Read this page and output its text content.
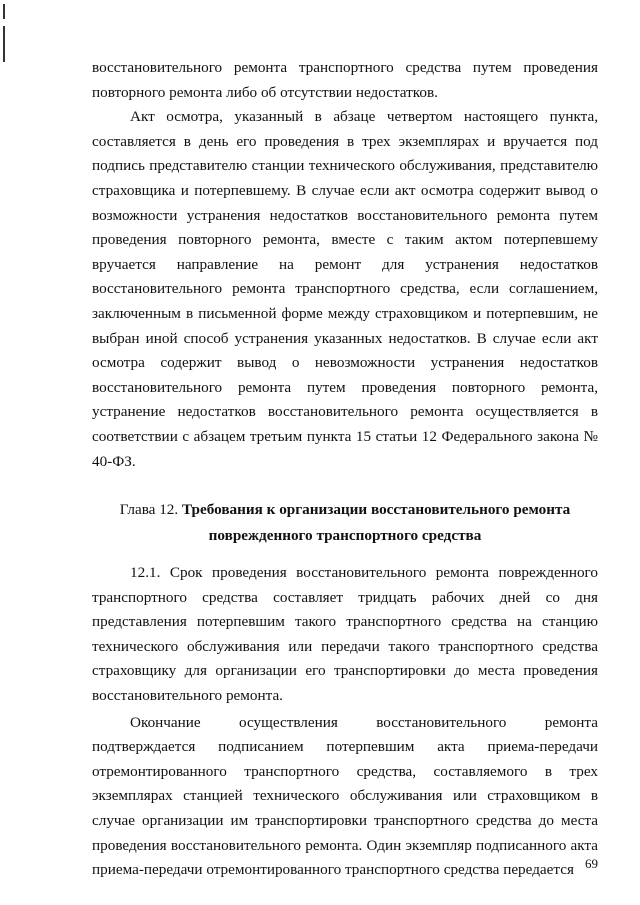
восстановительного ремонта транспортного средства путем проведения повторного ремонта либо об отсутствии недостатков.

Акт осмотра, указанный в абзаце четвертом настоящего пункта, составляется в день его проведения в трех экземплярах и вручается под подпись представителю станции технического обслуживания, представителю страховщика и потерпевшему. В случае если акт осмотра содержит вывод о возможности устранения недостатков восстановительного ремонта путем проведения повторного ремонта, вместе с таким актом потерпевшему вручается направление на ремонт для устранения недостатков восстановительного ремонта транспортного средства, если соглашением, заключенным в письменной форме между страховщиком и потерпевшим, не выбран иной способ устранения указанных недостатков. В случае если акт осмотра содержит вывод о невозможности устранения недостатков восстановительного ремонта путем проведения повторного ремонта, устранение недостатков восстановительного ремонта осуществляется в соответствии с абзацем третьим пункта 15 статьи 12 Федерального закона № 40-ФЗ.

Глава 12. Требования к организации восстановительного ремонта поврежденного транспортного средства

12.1. Срок проведения восстановительного ремонта поврежденного транспортного средства составляет тридцать рабочих дней со дня представления потерпевшим такого транспортного средства на станцию технического обслуживания или передачи такого транспортного средства страховщику для организации его транспортировки до места проведения восстановительного ремонта.

Окончание осуществления восстановительного ремонта подтверждается подписанием потерпевшим акта приема-передачи отремонтированного транспортного средства, составляемого в трех экземплярах станцией технического обслуживания или страховщиком в случае организации им транспортировки транспортного средства до места проведения восстановительного ремонта. Один экземпляр подписанного акта приема-передачи отремонтированного транспортного средства передается 69
